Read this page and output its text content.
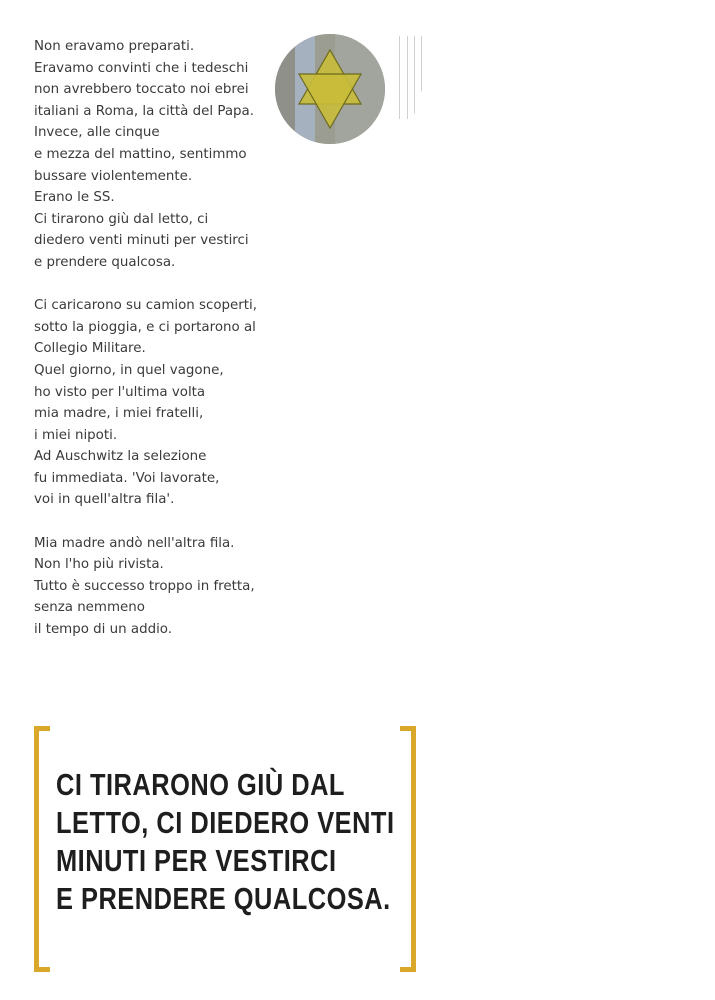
Non eravamo preparati.
Eravamo convinti che i tedeschi
non avrebbero toccato noi ebrei
italiani a Roma, la città del Papa.
Invece, alle cinque
e mezza del mattino, sentimmo
bussare violentemente.
Erano le SS.
Ci tirarono giù dal letto, ci
diedero venti minuti per vestirci
e prendere qualcosa.
Ci caricarono su camion scoperti,
sotto la pioggia, e ci portarono al
Collegio Militare.
Quel giorno, in quel vagone,
ho visto per l'ultima volta
mia madre, i miei fratelli,
i miei nipoti.
Ad Auschwitz la selezione
fu immediata. 'Voi lavorate,
voi in quell'altra fila'.
Mia madre andò nell'altra fila.
Non l'ho più rivista.
Tutto è successo troppo in fretta,
senza nemmeno
il tempo di un addio.
────────────────────
────────────────────────────
──────────────────────────────
──────────────────────────────
CI TIRARONO GIÙ DAL
LETTO, CI DIEDERO VENTI
MINUTI PER VESTIRCI
E PRENDERE QUALCOSA.
